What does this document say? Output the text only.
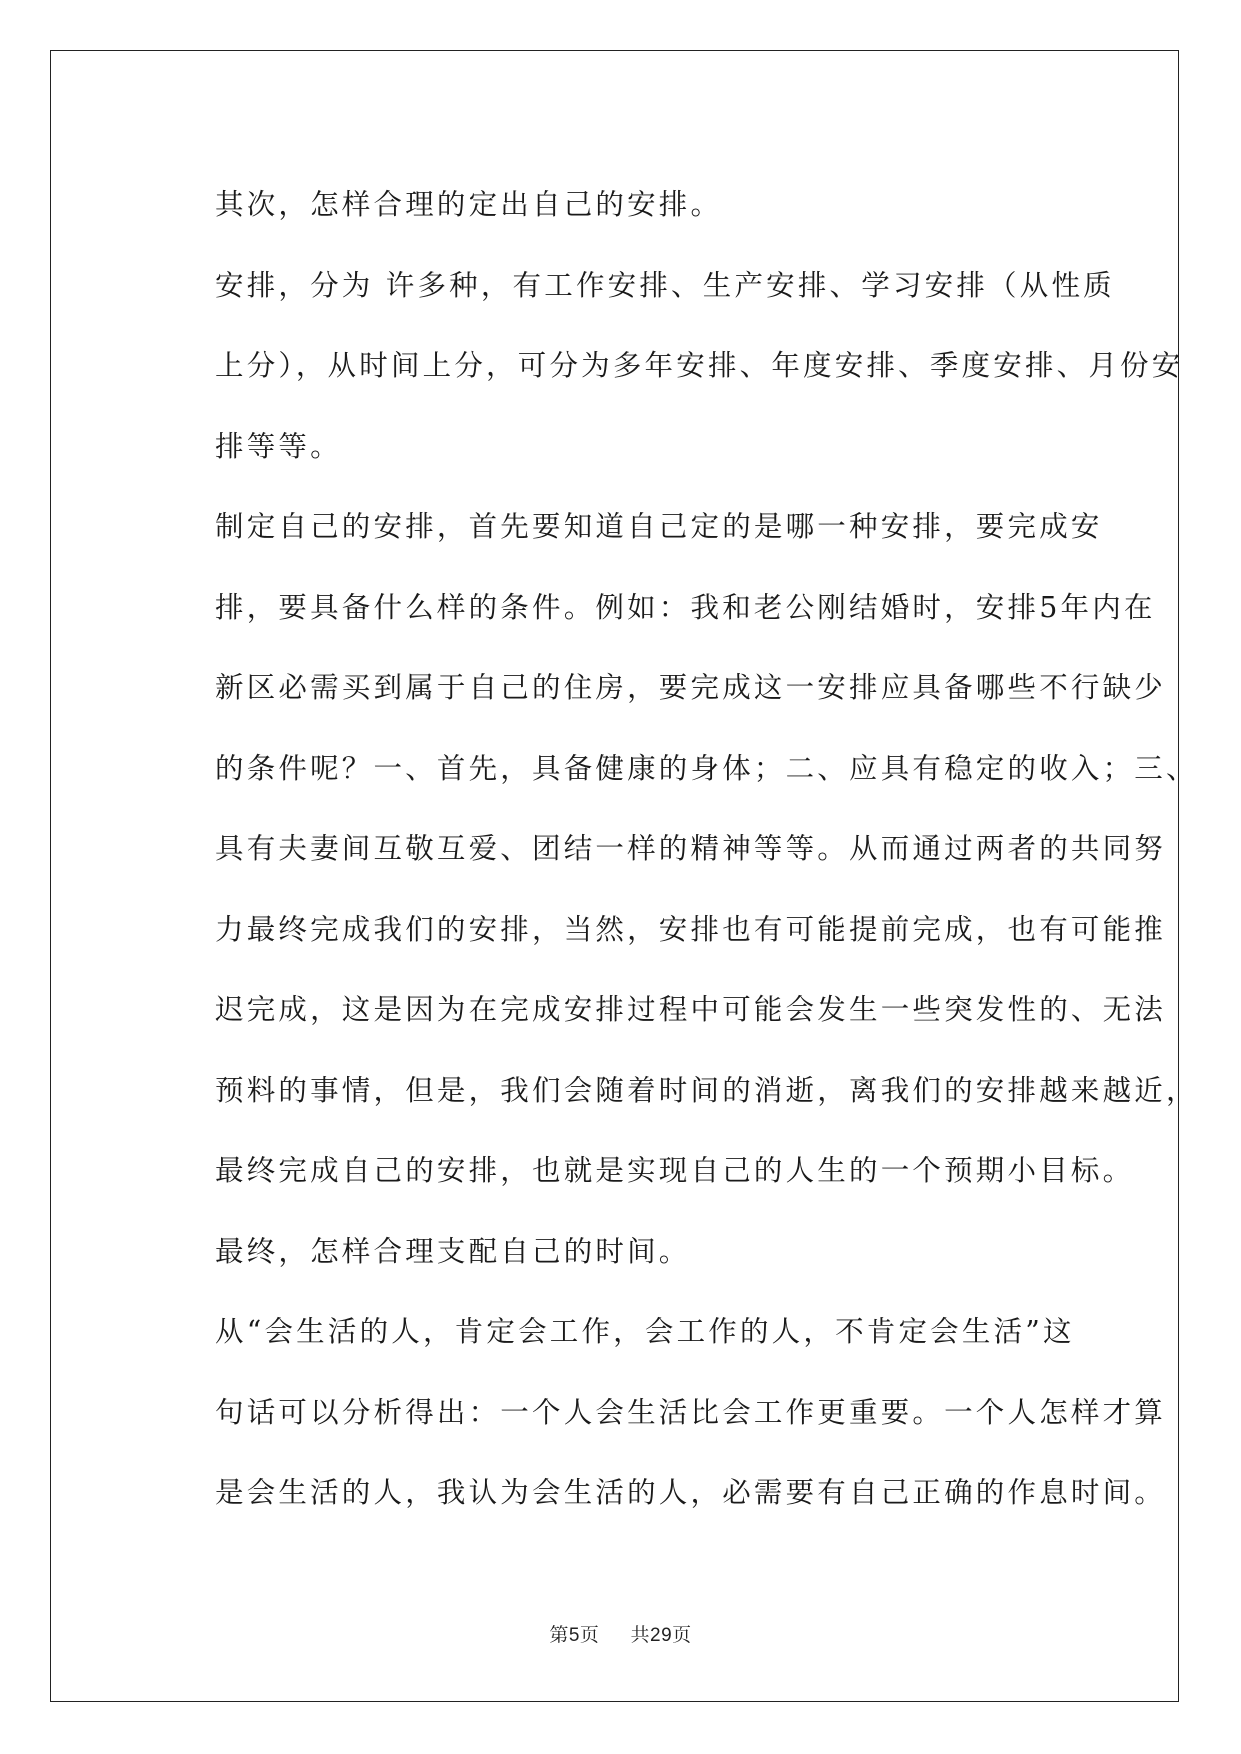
其次，怎样合理的定出自己的安排。

安排，分为 许多种，有工作安排、生产安排、学习安排（从性质
上分），从时间上分，可分为多年安排、年度安排、季度安排、月份安
排等等。

制定自己的安排，首先要知道自己定的是哪一种安排，要完成安
排，要具备什么样的条件。例如：我和老公刚结婚时，安排5年内在
新区必需买到属于自己的住房，要完成这一安排应具备哪些不行缺少
的条件呢？一、首先，具备健康的身体；二、应具有稳定的收入；三、
具有夫妻间互敬互爱、团结一样的精神等等。从而通过两者的共同努
力最终完成我们的安排，当然，安排也有可能提前完成，也有可能推
迟完成，这是因为在完成安排过程中可能会发生一些突发性的、无法
预料的事情，但是，我们会随着时间的消逝，离我们的安排越来越近，
最终完成自己的安排，也就是实现自己的人生的一个预期小目标。

最终，怎样合理支配自己的时间。

从“会生活的人，肯定会工作，会工作的人，不肯定会生活”这
句话可以分析得出：一个人会生活比会工作更重要。一个人怎样才算
是会生活的人，我认为会生活的人，必需要有自己正确的作息时间。

第5页 共29页
